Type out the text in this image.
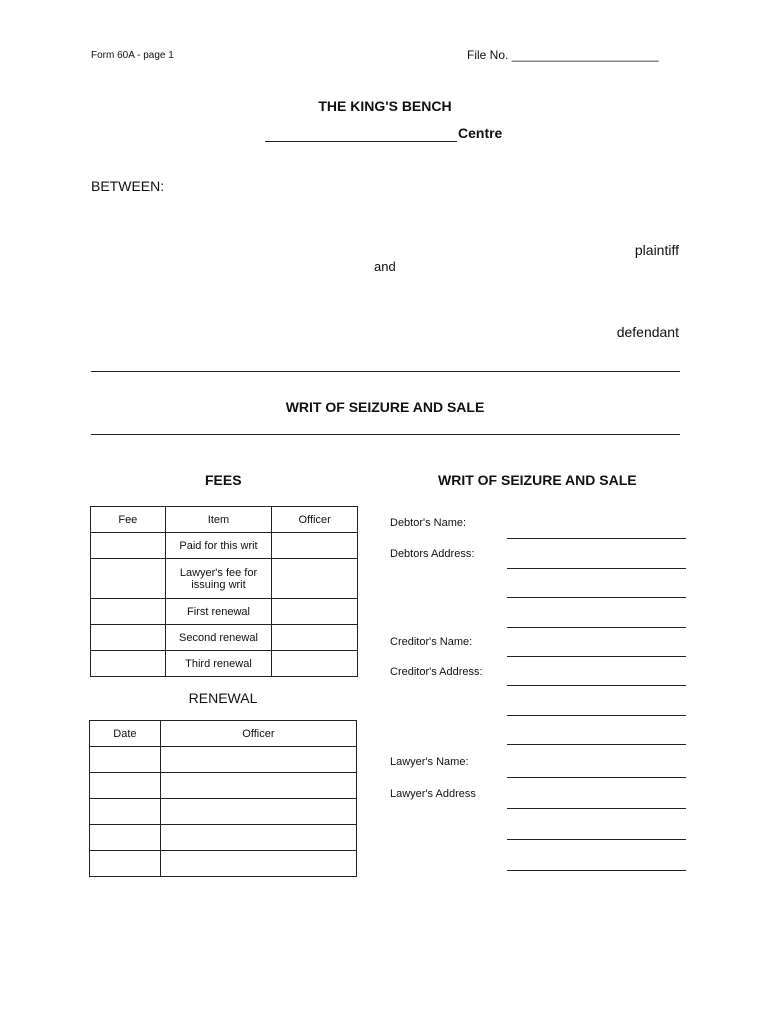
Form 60A - page 1	File No. ______________________
THE KING'S BENCH
Centre
BETWEEN:
plaintiff
and
defendant
WRIT OF SEIZURE AND SALE
FEES	WRIT OF SEIZURE AND SALE
Fee	Item	Officer
	Paid for this writ	
	Lawyer's fee for issuing writ	
	First renewal	
	Second renewal	
	Third renewal	
RENEWAL
Date	Officer

Debtor's Name:
Debtors Address:
Creditor's Name:
Creditor's Address:
Lawyer's Name:
Lawyer's Address
